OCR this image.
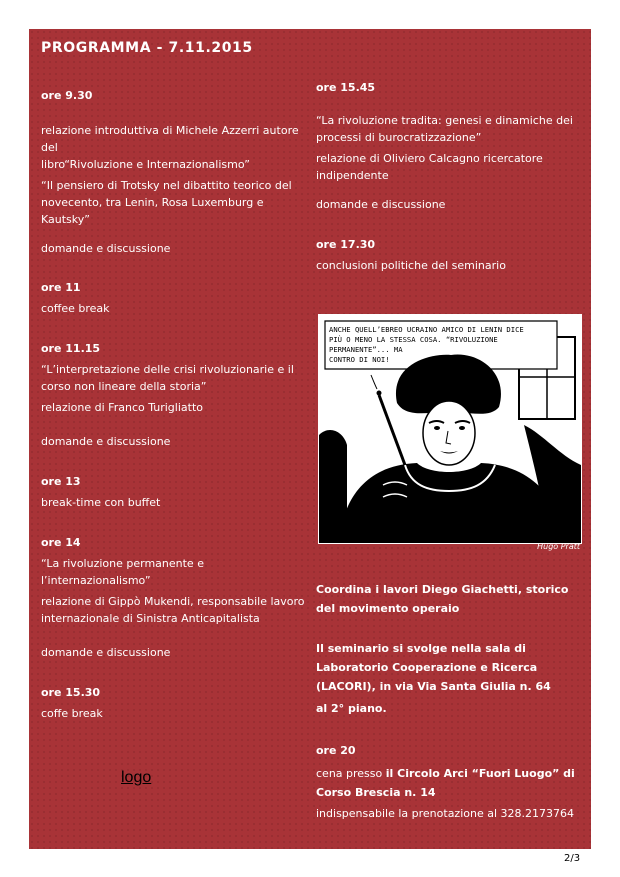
PROGRAMMA - 7.11.2015

ore 9.30

relazione introduttiva di Michele Azzerri autore del

libro“Rivoluzione e Internazionalismo”

“Il pensiero di Trotsky nel dibattito teorico del

novecento, tra Lenin, Rosa Luxemburg e Kautsky”

domande e discussione

ore 11

coffee break

ore 11.15

“L’interpretazione delle crisi rivoluzionarie e il

corso non lineare della storia”

relazione di Franco Turigliatto

domande e discussione

ore 13

break-time con buffet

ore 14

“La rivoluzione permanente e l’internazionalismo”

relazione di Gippò Mukendi, responsabile lavoro

internazionale di Sinistra Anticapitalista

domande e discussione

ore 15.30

coffe break

logo

ore 15.45

“La rivoluzione tradita: genesi e dinamiche dei

processi di burocratizzazione”

relazione di Oliviero Calcagno ricercatore

indipendente

domande e discussione

ore 17.30

conclusioni politiche del seminario

ANCHE QUELL’EBREO UCRAINO AMICO DI LENIN DICE
PIÙ O MENO LA STESSA COSA. “RIVOLUZIONE
PERMANENTE”... MA
CONTRO DI NOI!
Hugo Pratt

Coordina i lavori Diego Giachetti, storico

del movimento operaio

Il seminario si svolge nella sala di

Laboratorio Cooperazione e Ricerca

(LACORI), in via Via Santa Giulia n. 64

al 2° piano.

ore 20

cena presso il Circolo Arci “Fuori Luogo” di

Corso Brescia n. 14

indispensabile la prenotazione al 328.2173764

2/3
